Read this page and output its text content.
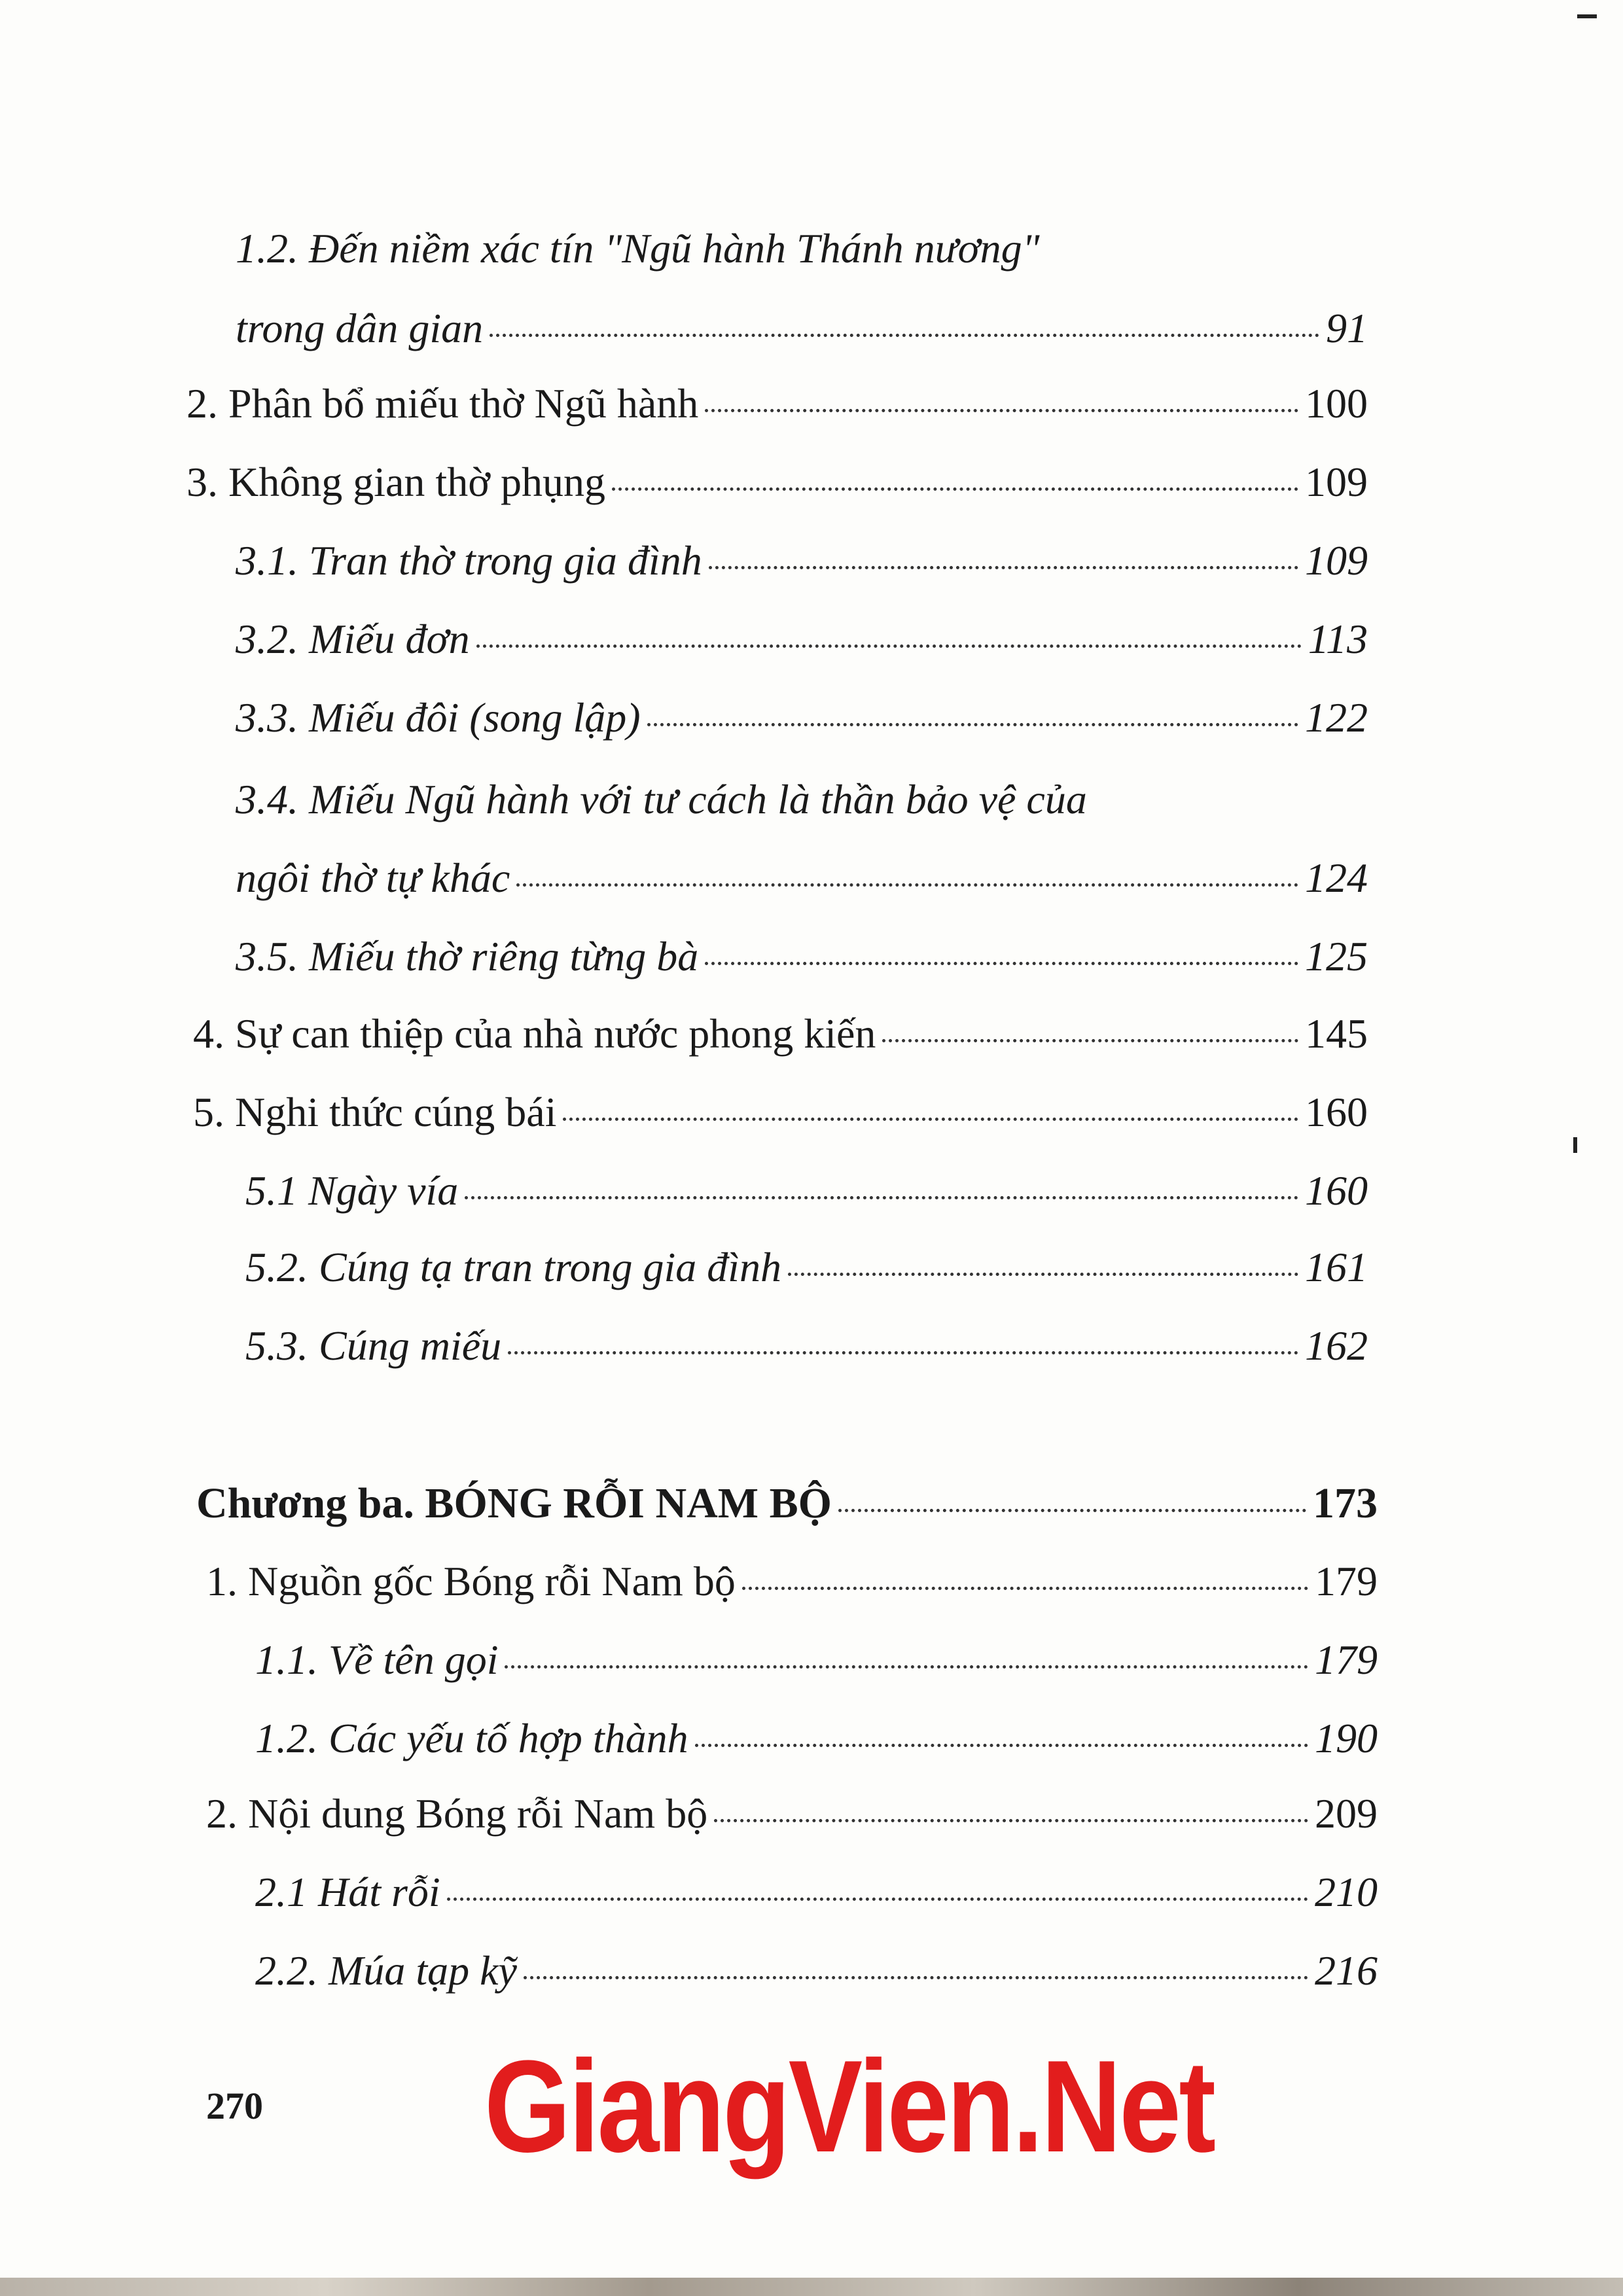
1.2. Đến niềm xác tín "Ngũ hành Thánh nương"
trong dân gian	91
2. Phân bổ miếu thờ Ngũ hành	100
3. Không gian thờ phụng	109
3.1. Tran thờ trong gia đình	109
3.2. Miếu đơn	113
3.3. Miếu đôi (song lập)	122
3.4. Miếu Ngũ hành với tư cách là thần bảo vệ của
ngôi thờ tự khác	124
3.5. Miếu thờ riêng từng bà	125
4. Sự can thiệp của nhà nước phong kiến	145
5. Nghi thức cúng bái	160
5.1 Ngày vía	160
5.2. Cúng tạ tran trong gia đình	161
5.3. Cúng miếu	162
Chương ba. BÓNG RỖI NAM BỘ	173
1. Nguồn gốc Bóng rỗi Nam bộ	179
1.1. Về tên gọi	179
1.2. Các yếu tố hợp thành	190
2. Nội dung Bóng rỗi Nam bộ	209
2.1 Hát rỗi	210
2.2. Múa tạp kỹ	216
270 GiangVien.Net
